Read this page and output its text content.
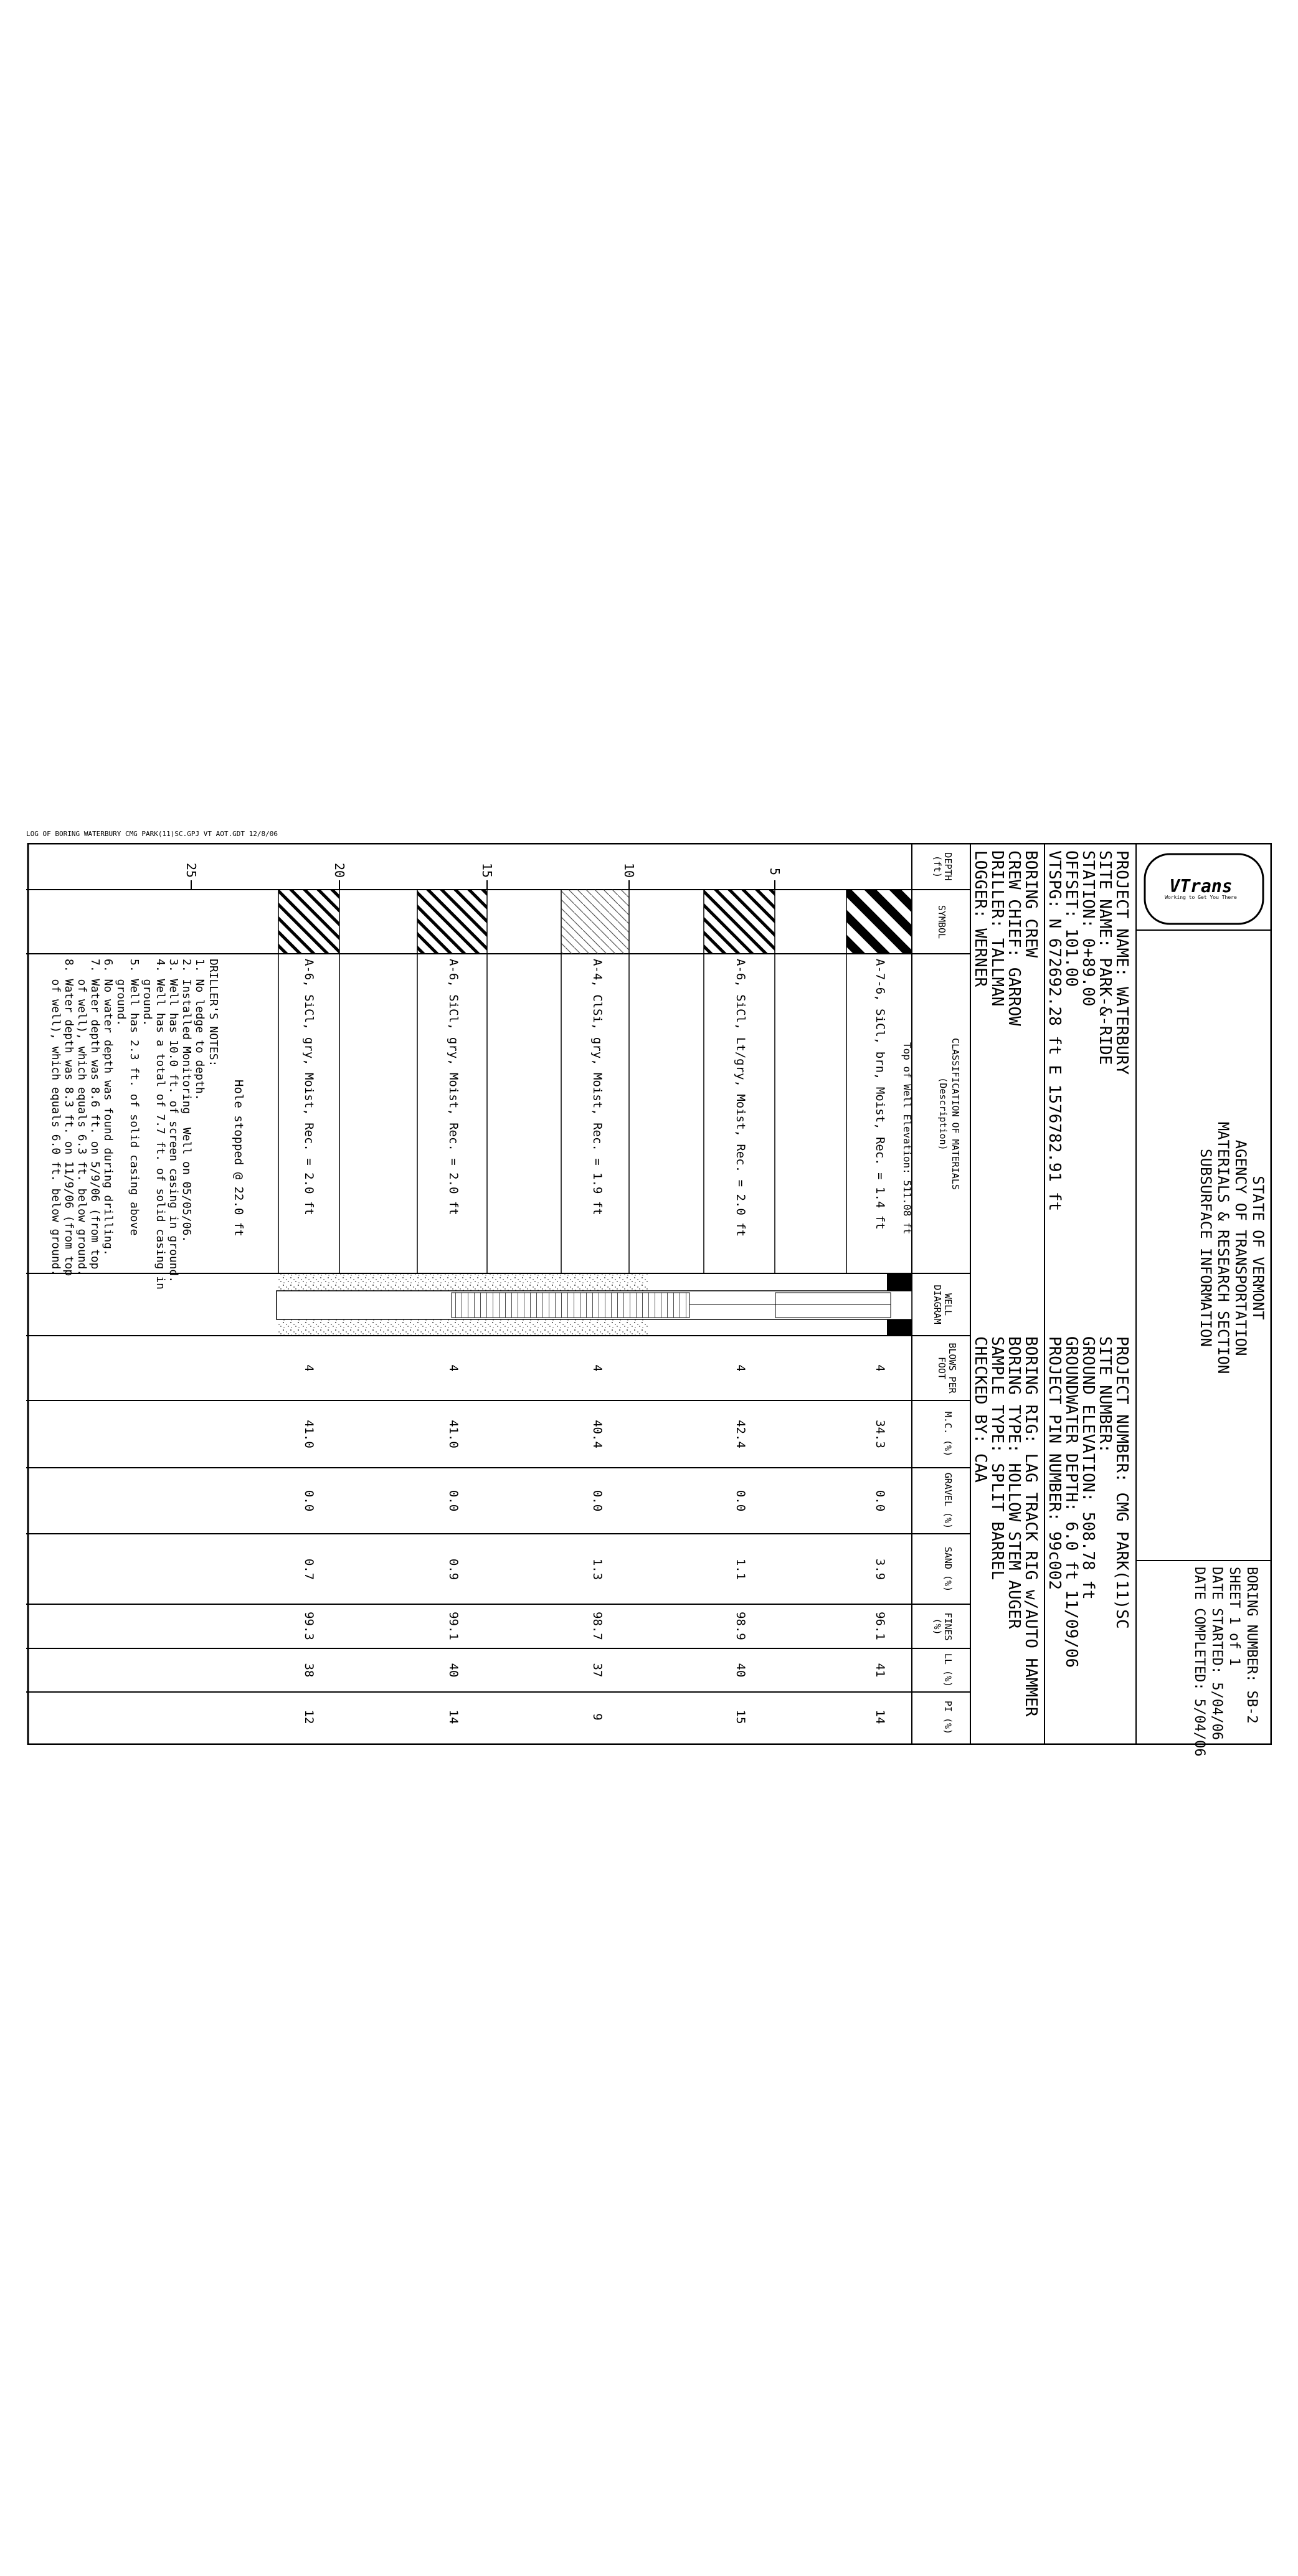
LOG OF BORING WATERBURY CMG PARK(11)SC.GPJ VT AOT.GDT 12/8/06
VTrans
Working to Get You There
STATE OF VERMONT
AGENCY OF TRANSPORTATION
MATERIALS & RESEARCH SECTION
SUBSURFACE INFORMATION
BORING NUMBER: SB-2
SHEET 1 of 1
DATE STARTED: 5/04/06
DATE COMPLETED: 5/04/06
PROJECT NAME: WATERBURY
SITE NAME: PARK-&-RIDE
STATION: 0+89.00
OFFSET: 101.00
VTSPG: N 672692.28 ft E 1576782.91 ft
PROJECT NUMBER: CMG PARK(11)SC
SITE NUMBER:
GROUND ELEVATION: 508.78 ft
GROUNDWATER DEPTH: 6.0 ft 11/09/06
PROJECT PIN NUMBER: 99c002
BORING CREW
CREW CHIEF: GARROW
DRILLER: TALLMAN
LOGGER: WERNER
BORING RIG: LAG TRACK RIG w/AUTO HAMMER
BORING TYPE: HOLLOW STEM AUGER
SAMPLE TYPE: SPLIT BARREL
CHECKED BY: CAA
DEPTH (ft)
SYMBOL
CLASSIFICATION OF MATERIALS
(Description)
WELL DIAGRAM
BLOWS PER FOOT
M.C. (%)
GRAVEL (%)
SAND (%)
FINES (%)
LL (%)
PI (%)
5
10
15
20
25
Top of Well Elevation: 511.08 ft
A-7-6, SiCl, brn, Moist, Rec. = 1.4 ft
A-6, SiCl, Lt/gry, Moist, Rec. = 2.0 ft
A-4, ClSi, gry, Moist, Rec. = 1.9 ft
A-6, SiCl, gry, Moist, Rec. = 2.0 ft
A-6, SiCl, gry, Moist, Rec. = 2.0 ft
Hole stopped @ 22.0 ft
DRILLER'S NOTES:
1. No ledge to depth.
2. Installed Monitoring  Well on 05/05/06.
3. Well has 10.0 ft. of screen casing in ground.
4. Well has a total of 7.7 ft. of solid casing in
ground.
5. Well has 2.3 ft. of solid casing above
ground.
6. No water depth was found during drilling.
7. Water depth was 8.6 ft. on 5/9/06 (from top
of well), which equals 6.3 ft. below ground.
8. Water depth was 8.3 ft. on 11/9/06 (from top
of well), which equals 6.0 ft. below ground.
4
34.3
0.0
3.9
96.1
41
14
4
42.4
0.0
1.1
98.9
40
15
4
40.4
0.0
1.3
98.7
37
9
4
41.0
0.0
0.9
99.1
40
14
4
41.0
0.0
0.7
99.3
38
12
